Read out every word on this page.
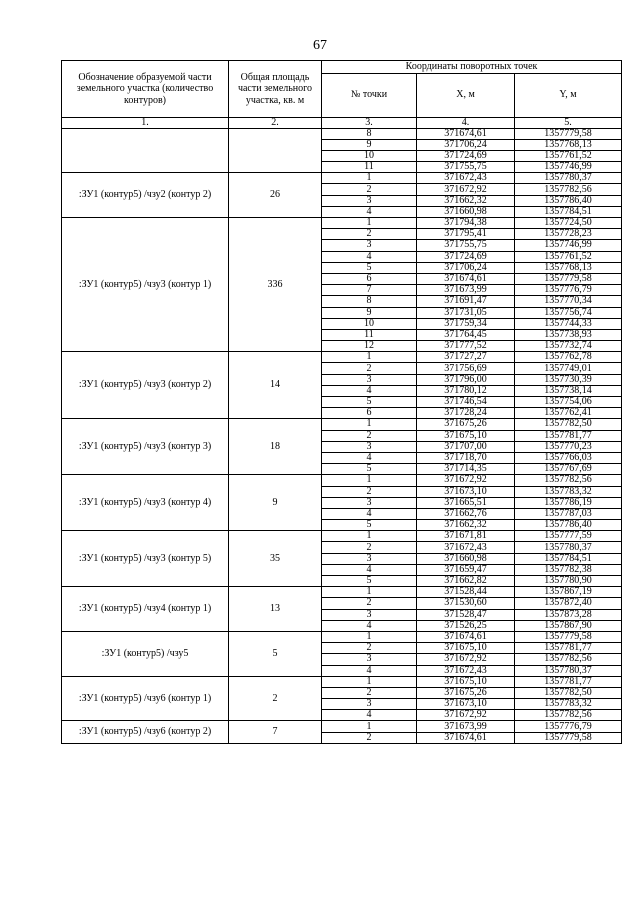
67
Обозначение образуемой части земельного участка (количество контуров)	Общая площадь части земельного участка, кв. м	Координаты поворотных точек		
		№ точки	X, м	Y, м
1.	2.	3.	4.	5.
		8	371674,61	1357779,58
		9	371706,24	1357768,13
		10	371724,69	1357761,52
		11	371755,75	1357746,99
:ЗУ1 (контур5) /чзу2 (контур 2)	26	1	371672,43	1357780,37
		2	371672,92	1357782,56
		3	371662,32	1357786,40
		4	371660,98	1357784,51
:ЗУ1 (контур5) /чзу3 (контур 1)	336	1	371794,38	1357724,50
		2	371795,41	1357728,23
		3	371755,75	1357746,99
		4	371724,69	1357761,52
		5	371706,24	1357768,13
		6	371674,61	1357779,58
		7	371673,99	1357776,79
		8	371691,47	1357770,34
		9	371731,05	1357756,74
		10	371759,34	1357744,33
		11	371764,45	1357738,93
		12	371777,52	1357732,74
:ЗУ1 (контур5) /чзу3 (контур 2)	14	1	371727,27	1357762,78
		2	371756,69	1357749,01
		3	371796,00	1357730,39
		4	371780,12	1357738,14
		5	371746,54	1357754,06
		6	371728,24	1357762,41
:ЗУ1 (контур5) /чзу3 (контур 3)	18	1	371675,26	1357782,50
		2	371675,10	1357781,77
		3	371707,00	1357770,23
		4	371718,70	1357766,03
		5	371714,35	1357767,69
:ЗУ1 (контур5) /чзу3 (контур 4)	9	1	371672,92	1357782,56
		2	371673,10	1357783,32
		3	371665,51	1357786,19
		4	371662,76	1357787,03
		5	371662,32	1357786,40
:ЗУ1 (контур5) /чзу3 (контур 5)	35	1	371671,81	1357777,59
		2	371672,43	1357780,37
		3	371660,98	1357784,51
		4	371659,47	1357782,38
		5	371662,82	1357780,90
:ЗУ1 (контур5) /чзу4 (контур 1)	13	1	371528,44	1357867,19
		2	371530,60	1357872,40
		3	371528,47	1357873,28
		4	371526,25	1357867,90
:ЗУ1 (контур5) /чзу5	5	1	371674,61	1357779,58
		2	371675,10	1357781,77
		3	371672,92	1357782,56
		4	371672,43	1357780,37
:ЗУ1 (контур5) /чзу6 (контур 1)	2	1	371675,10	1357781,77
		2	371675,26	1357782,50
		3	371673,10	1357783,32
		4	371672,92	1357782,56
:ЗУ1 (контур5) /чзу6 (контур 2)	7	1	371673,99	1357776,79
		2	371674,61	1357779,58
